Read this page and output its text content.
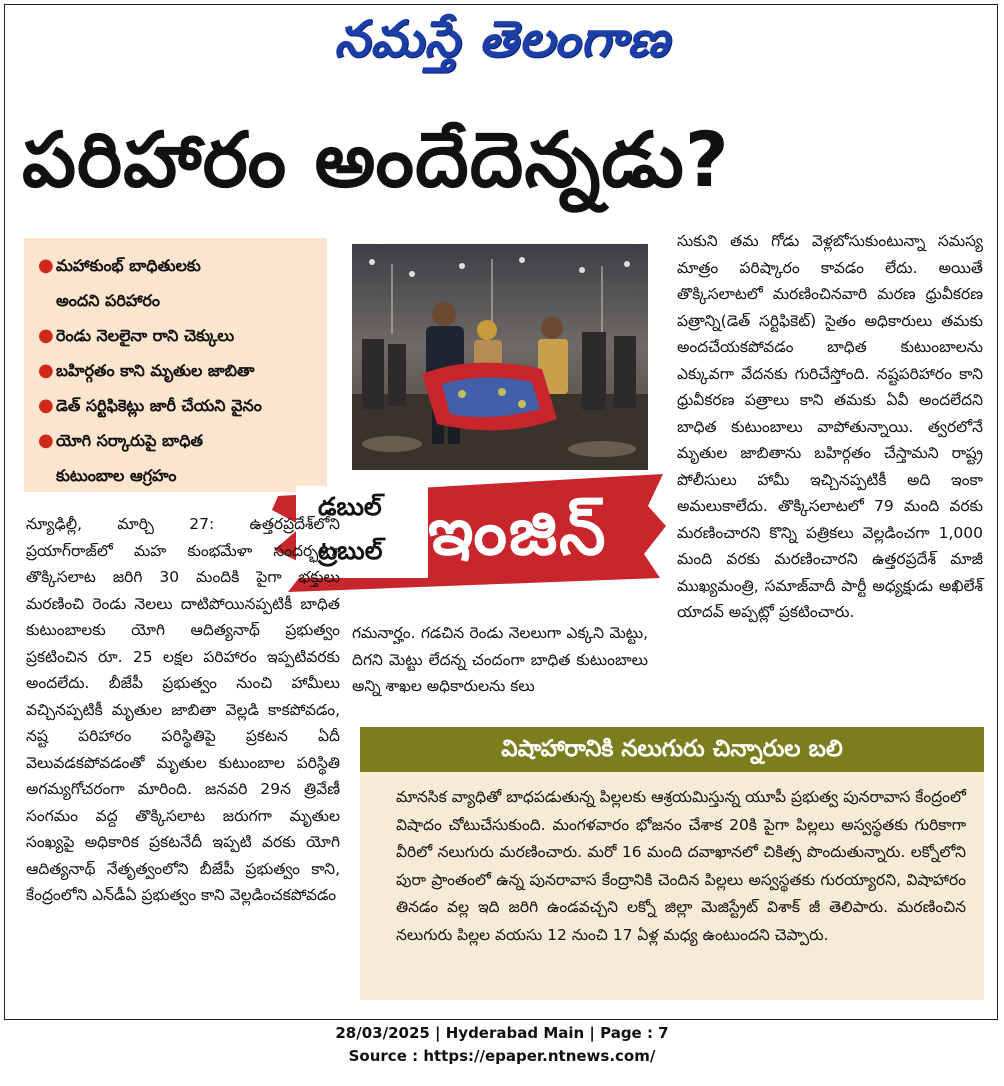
నమస్తే తెలంగాణ
పరిహారం అందేదెన్నడు?
● మహాకుంభ్‌ బాధితులకు
అందని పరిహారం
● రెండు నెలలైనా రాని చెక్కులు
● బహిర్గతం కాని మృతుల జాబితా
● డెత్‌ సర్టిఫికెట్లు జారీ చేయని వైనం
● యోగి సర్కారుపై బాధిత
కుటుంబాల ఆగ్రహం
డబుల్‌
ట్రబుల్‌ ఇంజిన్‌

న్యూఢిల్లీ, మార్చి 27: ఉత్తరప్రదేశ్‌లోని ప్రయాగ్‌రాజ్‌లో మహ కుంభమేళా సందర్భంగా తొక్కిసలాట జరిగి 30 మందికి పైగా భక్తులు మరణించి రెండు నెలలు దాటిపోయినప్పటికీ బాధిత కుటుంబాలకు యోగి ఆదిత్యనాథ్‌ ప్రభుత్వం ప్రకటించిన రూ. 25 లక్షల పరిహారం ఇప్పటివరకు అందలేదు. బీజేపీ ప్రభుత్వం నుంచి హామీలు వచ్చినప్పటికీ మృతుల జాబితా వెల్లడి కాకపోవడం, నష్ట పరిహారం పరిస్థితిపై ప్రకటన ఏదీ వెలువడకపోవడంతో మృతుల కుటుంబాల పరిస్థితి అగమ్యగోచరంగా మారింది. జనవరి 29న త్రివేణీ సంగమం వద్ద తొక్కిసలాట జరుగగా మృతుల సంఖ్యపై అధికారిక ప్రకటనేదీ ఇప్పటి వరకు యోగి ఆదిత్యనాథ్‌ నేతృత్వంలోని బీజేపీ ప్రభుత్వం కాని, కేంద్రంలోని ఎన్‌డీఏ ప్రభుత్వం కాని వెల్లడించకపోవడం

గమనార్హం. గడచిన రెండు నెలలుగా ఎక్కని మెట్టు, దిగని మెట్టు లేదన్న చందంగా బాధిత కుటుంబాలు అన్ని శాఖల అధికారులను కలు

సుకుని తమ గోడు వెళ్లబోసుకుంటున్నా సమస్య మాత్రం పరిష్కారం కావడం లేదు. అయితే తొక్కిసలాటలో మరణించినవారి మరణ ధ్రువీకరణ పత్రాన్ని(డెత్‌ సర్టిఫికెట్‌) సైతం అధికారులు తమకు అందచేయకపోవడం బాధిత కుటుంబాలను ఎక్కువగా వేదనకు గురిచేస్తోంది. నష్టపరిహారం కాని ధ్రువీకరణ పత్రాలు కాని తమకు ఏవీ అందలేదని బాధిత కుటుంబాలు వాపోతున్నాయి. త్వరలోనే మృతుల జాబితాను బహిర్గతం చేస్తామని రాష్ట్ర పోలీసులు హామీ ఇచ్చినప్పటికీ అది ఇంకా అమలుకాలేదు. తొక్కిసలాటలో 79 మంది వరకు మరణించారని కొన్ని పత్రికలు వెల్లడించగా 1,000 మంది వరకు మరణించారని ఉత్తరప్రదేశ్‌ మాజీ ముఖ్యమంత్రి, సమాజ్‌వాదీ పార్టీ అధ్యక్షుడు అఖిలేశ్‌ యాదవ్‌ అప్పట్లో ప్రకటించారు.

విషాహారానికి నలుగురు చిన్నారుల బలి

మానసిక వ్యాధితో బాధపడుతున్న పిల్లలకు ఆశ్రయమిస్తున్న యూపీ ప్రభుత్వ పునరావాస కేంద్రంలో విషాదం చోటుచేసుకుంది. మంగళవారం భోజనం చేశాక 20కి పైగా పిల్లలు అస్వస్థతకు గురికాగా వీరిలో నలుగురు మరణించారు. మరో 16 మంది దవాఖానలో చికిత్స పొందుతున్నారు. లక్నోలోని పురా ప్రాంతంలో ఉన్న పునరావాస కేంద్రానికి చెందిన పిల్లలు అస్వస్థతకు గురయ్యారని, విషాహారం తినడం వల్ల ఇది జరిగి ఉండవచ్చని లక్నో జిల్లా మెజిస్ట్రేట్‌ విశాక్‌ జీ తెలిపారు. మరణించిన నలుగురు పిల్లల వయసు 12 నుంచి 17 ఏళ్ల మధ్య ఉంటుందని చెప్పారు.

28/03/2025 | Hyderabad Main | Page : 7
Source : https://epaper.ntnews.com/
